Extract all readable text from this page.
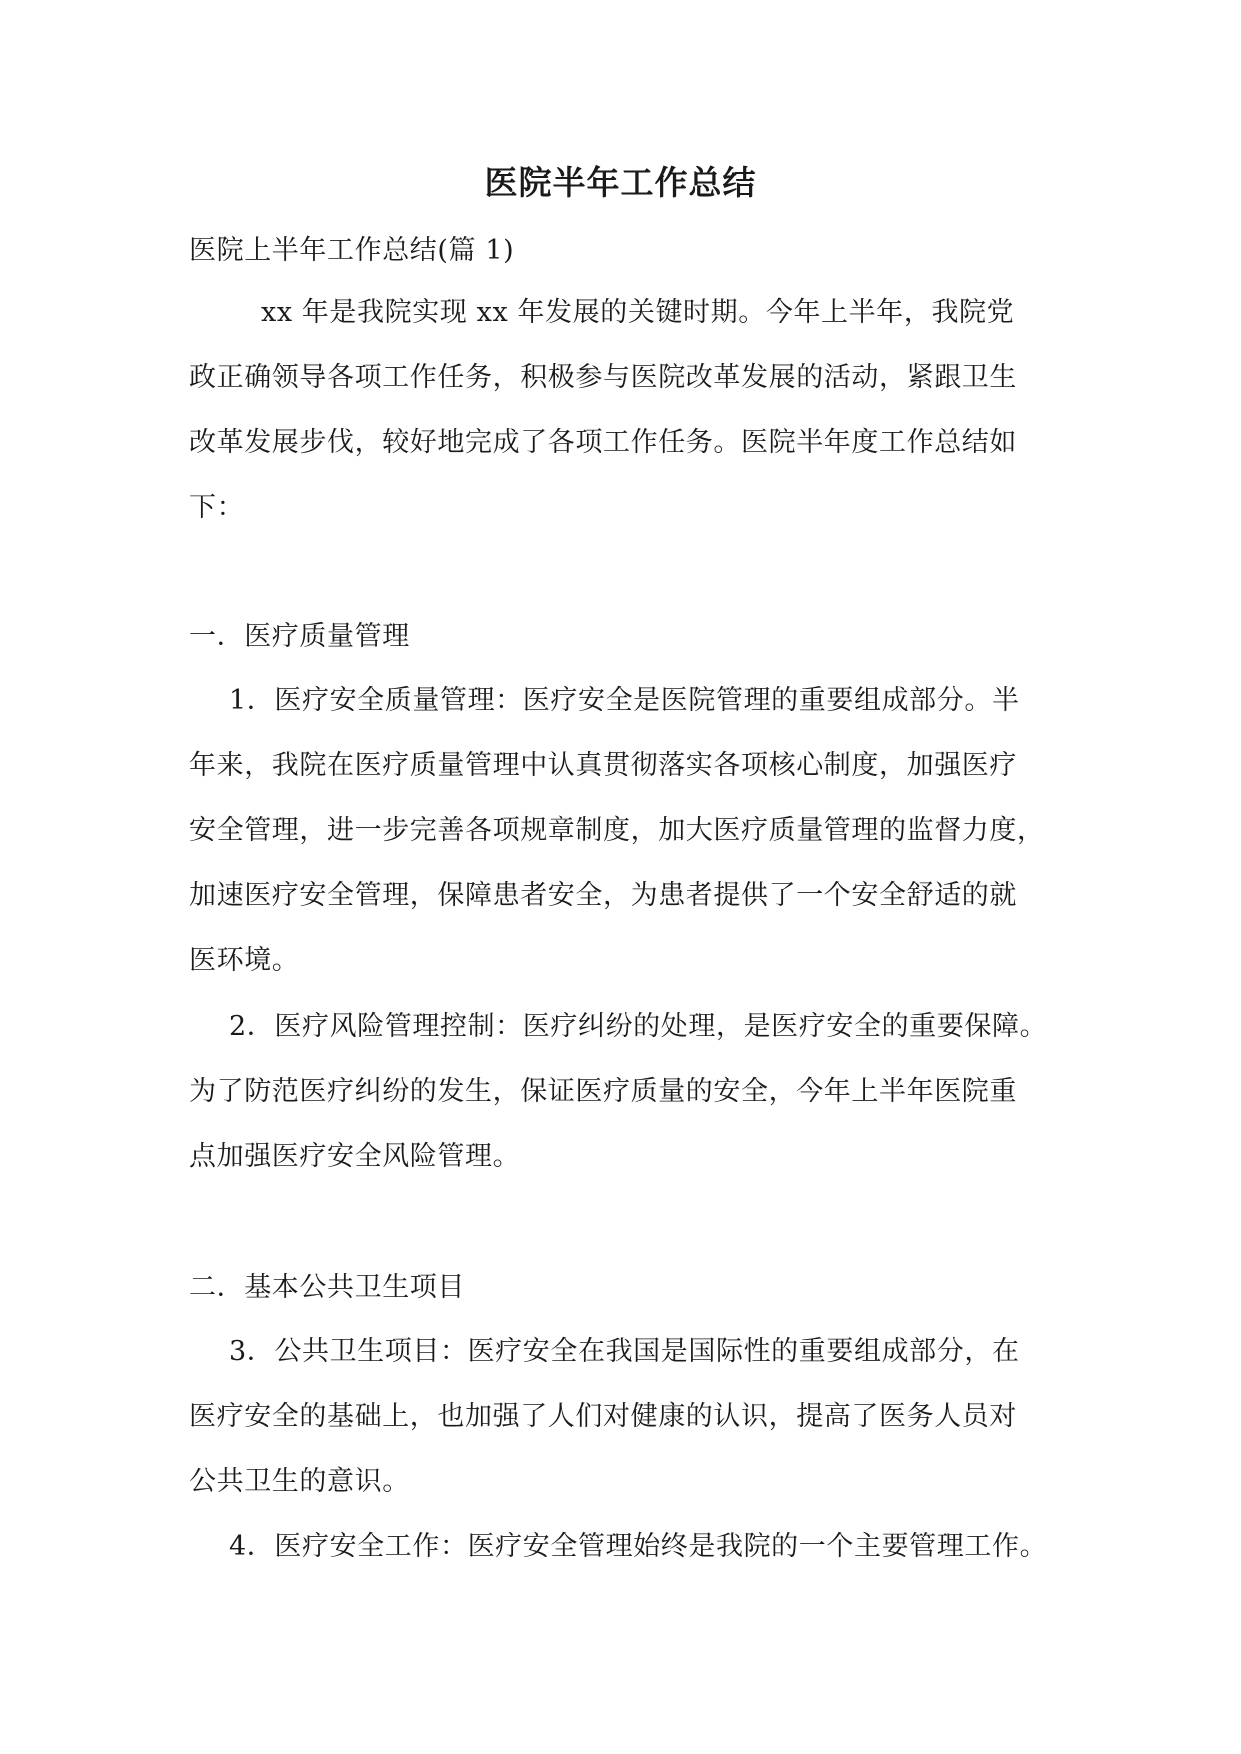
医院半年工作总结
医院上半年工作总结(篇 1)
xx 年是我院实现 xx 年发展的关键时期。今年上半年，我院党
政正确领导各项工作任务，积极参与医院改革发展的活动，紧跟卫生
改革发展步伐，较好地完成了各项工作任务。医院半年度工作总结如
下：
一．医疗质量管理
1．医疗安全质量管理：医疗安全是医院管理的重要组成部分。半
年来，我院在医疗质量管理中认真贯彻落实各项核心制度，加强医疗
安全管理，进一步完善各项规章制度，加大医疗质量管理的监督力度，
加速医疗安全管理，保障患者安全，为患者提供了一个安全舒适的就
医环境。
2．医疗风险管理控制：医疗纠纷的处理，是医疗安全的重要保障。
为了防范医疗纠纷的发生，保证医疗质量的安全，今年上半年医院重
点加强医疗安全风险管理。
二．基本公共卫生项目
3．公共卫生项目：医疗安全在我国是国际性的重要组成部分，在
医疗安全的基础上，也加强了人们对健康的认识，提高了医务人员对
公共卫生的意识。
4．医疗安全工作：医疗安全管理始终是我院的一个主要管理工作。
